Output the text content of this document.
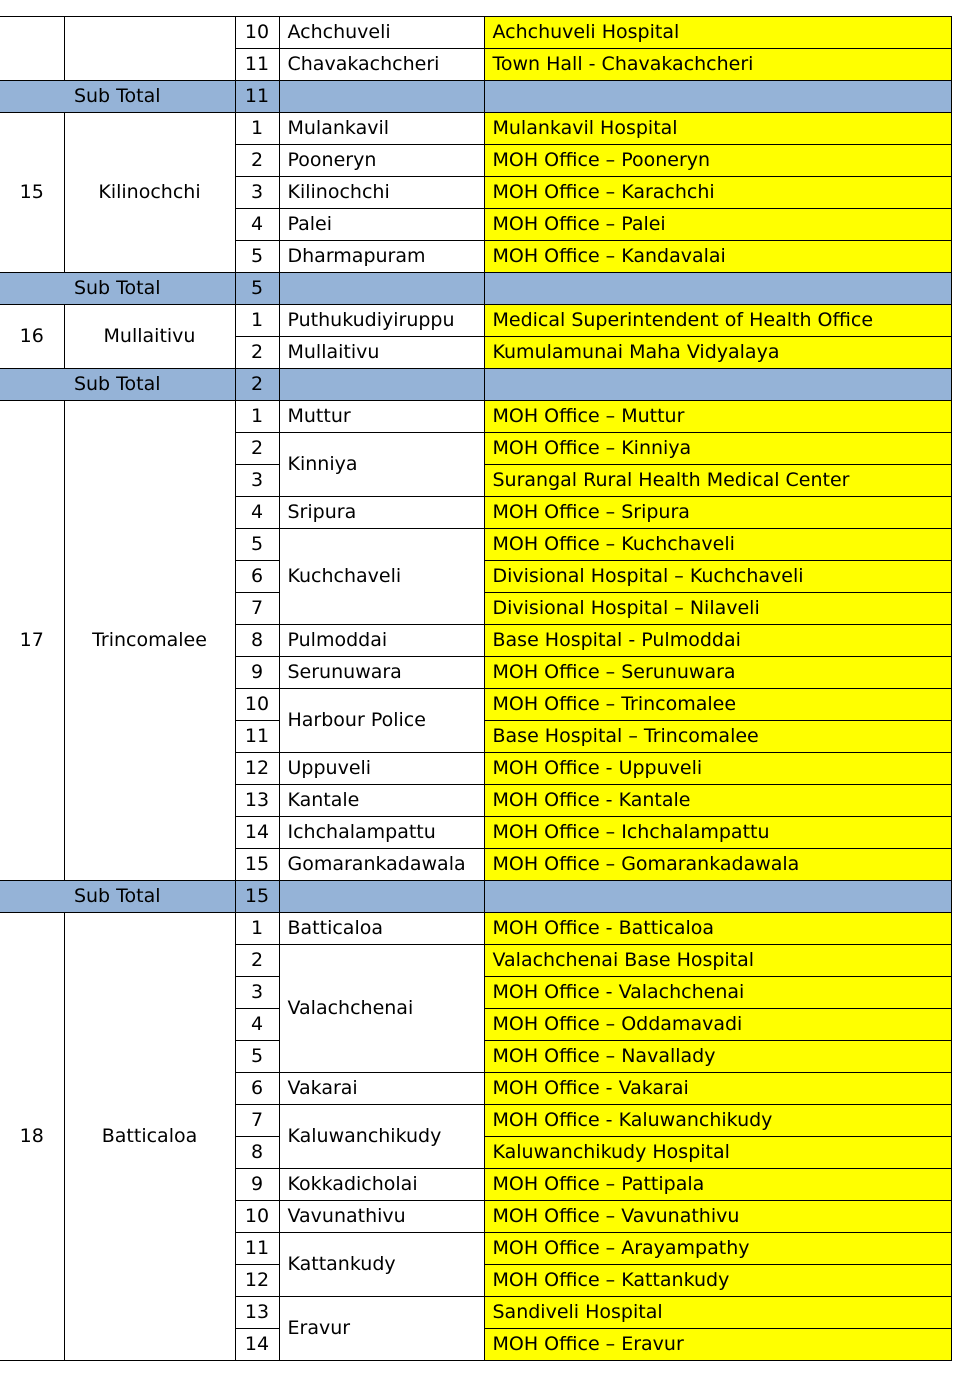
		10	Achchuveli	Achchuveli Hospital
		11	Chavakachcheri	Town Hall - Chavakachcheri
Sub Total		11		
15	Kilinochchi	1	Mulankavil	Mulankavil Hospital
		2	Pooneryn	MOH Office – Pooneryn
		3	Kilinochchi	MOH Office – Karachchi
		4	Palei	MOH Office – Palei
		5	Dharmapuram	MOH Office – Kandavalai
Sub Total		5		
16	Mullaitivu	1	Puthukudiyiruppu	Medical Superintendent of Health Office
		2	Mullaitivu	Kumulamunai Maha Vidyalaya
Sub Total		2		
17	Trincomalee	1	Muttur	MOH Office – Muttur
		2	Kinniya	MOH Office – Kinniya
		3		Surangal Rural Health Medical Center
		4	Sripura	MOH Office – Sripura
		5	Kuchchaveli	MOH Office – Kuchchaveli
		6		Divisional Hospital – Kuchchaveli
		7		Divisional Hospital – Nilaveli
		8	Pulmoddai	Base Hospital - Pulmoddai
		9	Serunuwara	MOH Office – Serunuwara
		10	Harbour Police	MOH Office – Trincomalee
		11		Base Hospital – Trincomalee
		12	Uppuveli	MOH Office - Uppuveli
		13	Kantale	MOH Office - Kantale
		14	Ichchalampattu	MOH Office – Ichchalampattu
		15	Gomarankadawala	MOH Office – Gomarankadawala
Sub Total		15		
18	Batticaloa	1	Batticaloa	MOH Office - Batticaloa
		2	Valachchenai	Valachchenai Base Hospital
		3		MOH Office - Valachchenai
		4		MOH Office – Oddamavadi
		5		MOH Office – Navallady
		6	Vakarai	MOH Office - Vakarai
		7	Kaluwanchikudy	MOH Office - Kaluwanchikudy
		8		Kaluwanchikudy Hospital
		9	Kokkadicholai	MOH Office – Pattipala
		10	Vavunathivu	MOH Office – Vavunathivu
		11	Kattankudy	MOH Office – Arayampathy
		12		MOH Office – Kattankudy
		13	Eravur	Sandiveli Hospital
		14		MOH Office – Eravur
